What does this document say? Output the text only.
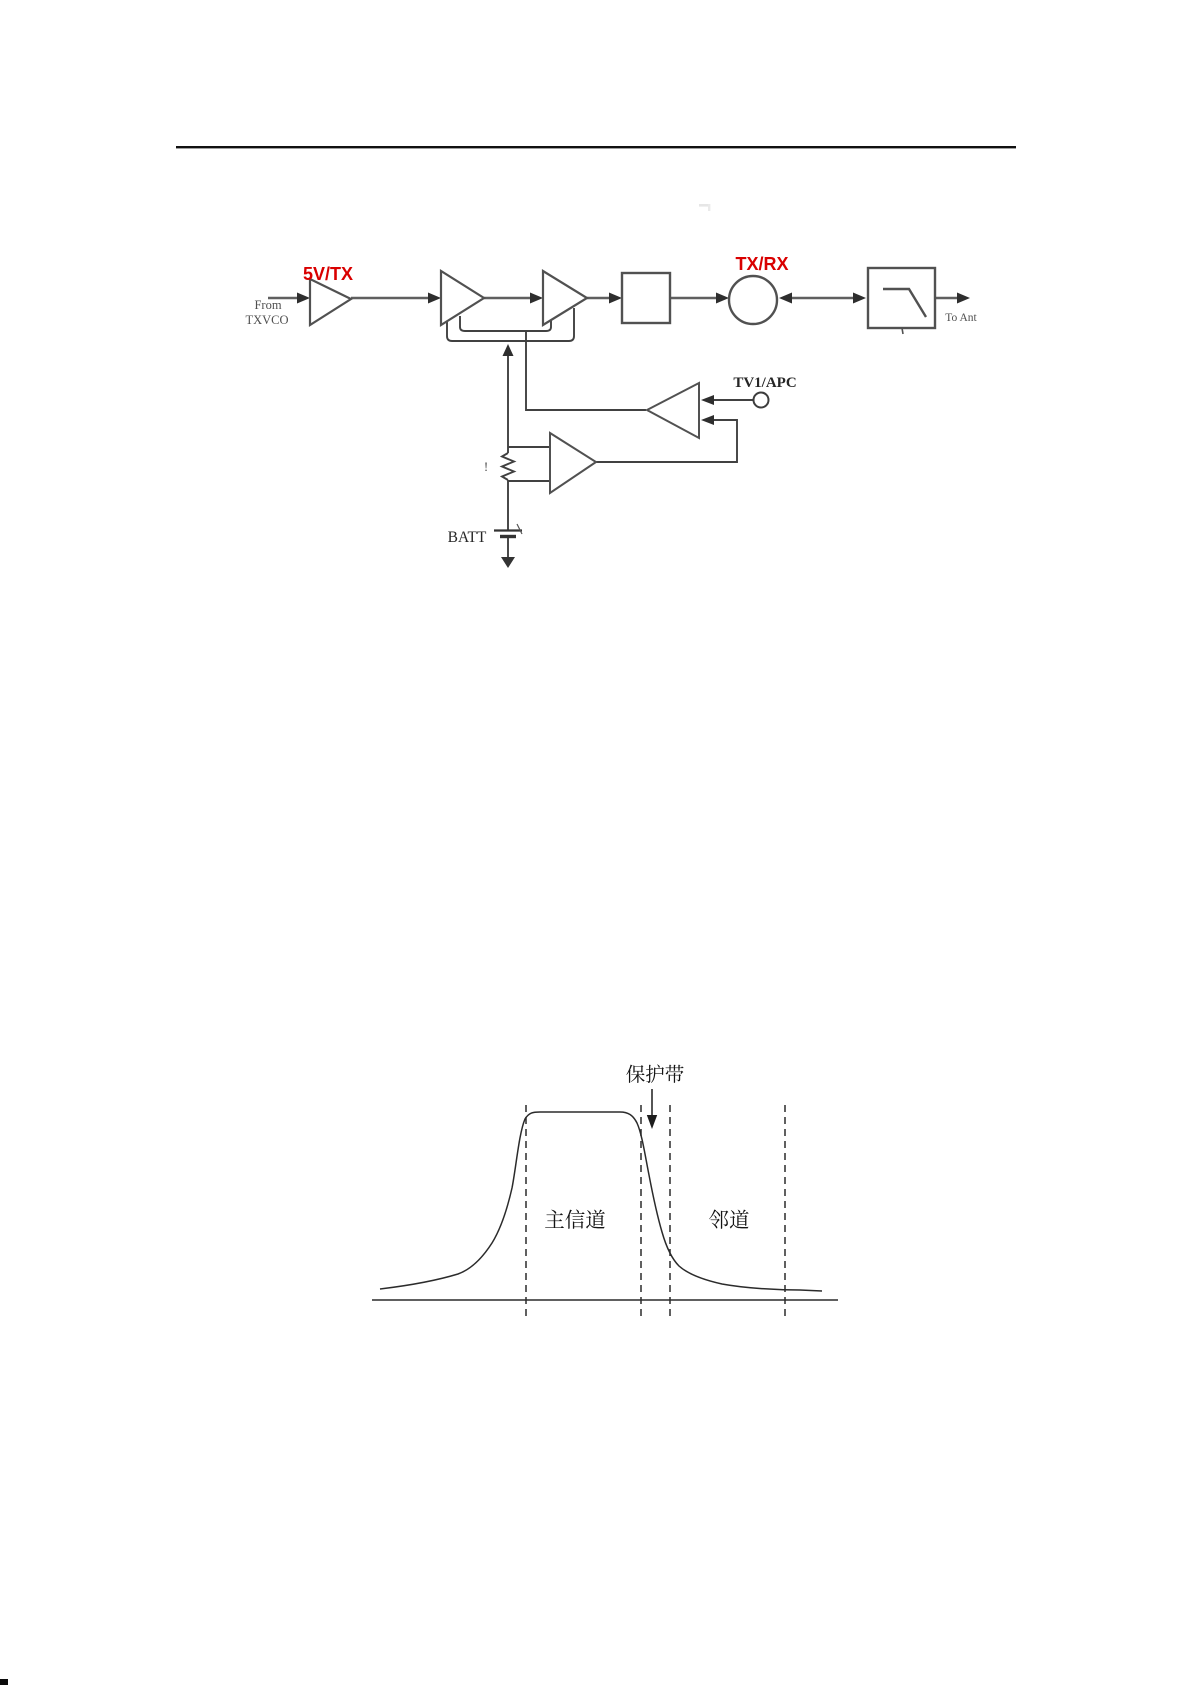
From
TXVCO
5V/TX	TX/RX
To Ant
TV1/APC
BATT
!
保护带
主信道	邻道
